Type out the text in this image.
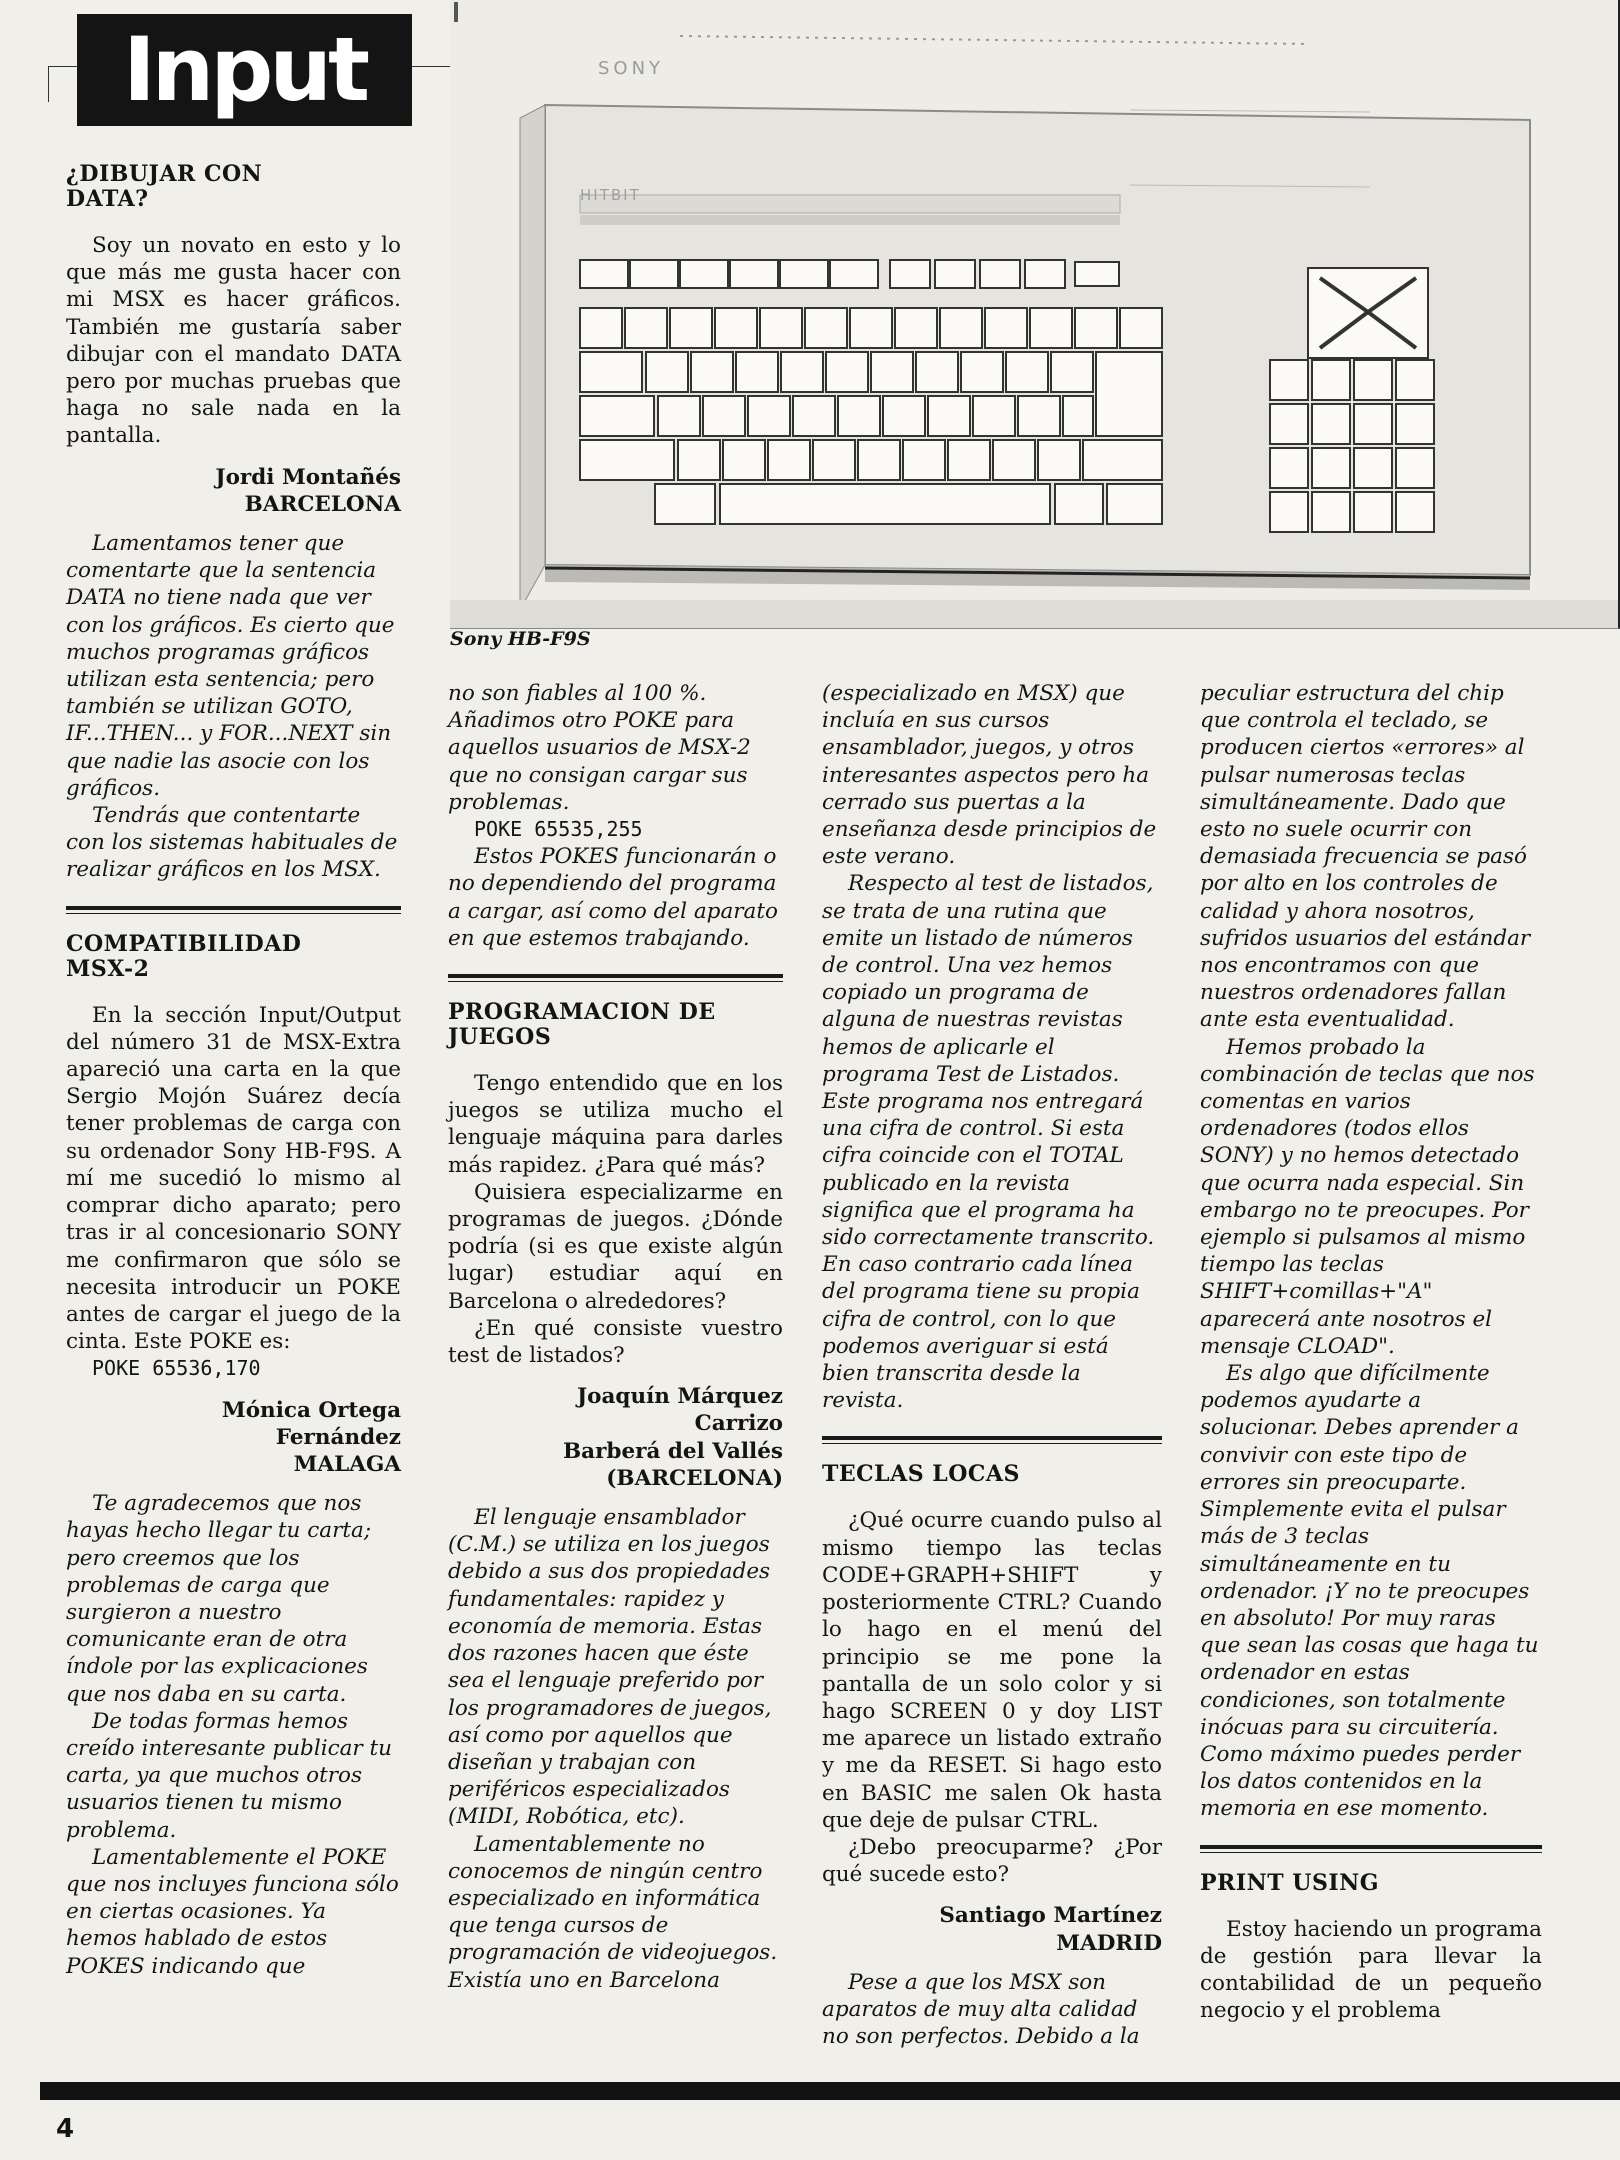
Input	SONY
HITBIT
Sony HB-F9S
¿DIBUJAR CON
DATA?

Soy un novato en esto y lo que más me gusta hacer con mi MSX es hacer gráficos. También me gustaría saber dibujar con el mandato DATA pero por muchas pruebas que haga no sale nada en la pantalla.

Jordi Montañés
BARCELONA

Lamentamos tener que comentarte que la sentencia DATA no tiene nada que ver con los gráficos. Es cierto que muchos programas gráficos utilizan esta sentencia; pero también se utilizan GOTO, IF...THEN... y FOR...NEXT sin que nadie las asocie con los gráficos.

Tendrás que contentarte con los sistemas habituales de realizar gráficos en los MSX.

COMPATIBILIDAD
MSX-2

En la sección Input/Output del número 31 de MSX-Extra apareció una carta en la que Sergio Mojón Suárez decía tener problemas de carga con su ordenador Sony HB-F9S. A mí me sucedió lo mismo al comprar dicho aparato; pero tras ir al concesionario SONY me confirmaron que sólo se necesita introducir un POKE antes de cargar el juego de la cinta. Este POKE es:

POKE 65536,170

Mónica Ortega
Fernández
MALAGA

Te agradecemos que nos hayas hecho llegar tu carta; pero creemos que los problemas de carga que surgieron a nuestro comunicante eran de otra índole por las explicaciones que nos daba en su carta.

De todas formas hemos creído interesante publicar tu carta, ya que muchos otros usuarios tienen tu mismo problema.

Lamentablemente el POKE que nos incluyes funciona sólo en ciertas ocasiones. Ya hemos hablado de estos POKES indicando que

no son fiables al 100 %. Añadimos otro POKE para aquellos usuarios de MSX-2 que no consigan cargar sus problemas.

POKE 65535,255

Estos POKES funcionarán o no dependiendo del programa a cargar, así como del aparato en que estemos trabajando.

PROGRAMACION DE
JUEGOS

Tengo entendido que en los juegos se utiliza mucho el lenguaje máquina para darles más rapidez. ¿Para qué más?

Quisiera especializarme en programas de juegos. ¿Dónde podría (si es que existe algún lugar) estudiar aquí en Barcelona o alrededores?

¿En qué consiste vuestro test de listados?

Joaquín Márquez
Carrizo
Barberá del Vallés
(BARCELONA)

El lenguaje ensamblador (C.M.) se utiliza en los juegos debido a sus dos propiedades fundamentales: rapidez y economía de memoria. Estas dos razones hacen que éste sea el lenguaje preferido por los programadores de juegos, así como por aquellos que diseñan y trabajan con periféricos especializados (MIDI, Robótica, etc).

Lamentablemente no conocemos de ningún centro especializado en informática que tenga cursos de programación de videojuegos. Existía uno en Barcelona

(especializado en MSX) que incluía en sus cursos ensamblador, juegos, y otros interesantes aspectos pero ha cerrado sus puertas a la enseñanza desde principios de este verano.

Respecto al test de listados, se trata de una rutina que emite un listado de números de control. Una vez hemos copiado un programa de alguna de nuestras revistas hemos de aplicarle el programa Test de Listados. Este programa nos entregará una cifra de control. Si esta cifra coincide con el TOTAL publicado en la revista significa que el programa ha sido correctamente transcrito. En caso contrario cada línea del programa tiene su propia cifra de control, con lo que podemos averiguar si está bien transcrita desde la revista.

TECLAS LOCAS

¿Qué ocurre cuando pulso al mismo tiempo las teclas CODE+GRAPH+SHIFT y posteriormente CTRL? Cuando lo hago en el menú del principio se me pone la pantalla de un solo color y si hago SCREEN 0 y doy LIST me aparece un listado extraño y me da RESET. Si hago esto en BASIC me salen Ok hasta que deje de pulsar CTRL.

¿Debo preocuparme? ¿Por qué sucede esto?

Santiago Martínez
MADRID

Pese a que los MSX son aparatos de muy alta calidad no son perfectos. Debido a la

peculiar estructura del chip que controla el teclado, se producen ciertos «errores» al pulsar numerosas teclas simultáneamente. Dado que esto no suele ocurrir con demasiada frecuencia se pasó por alto en los controles de calidad y ahora nosotros, sufridos usuarios del estándar nos encontramos con que nuestros ordenadores fallan ante esta eventualidad.

Hemos probado la combinación de teclas que nos comentas en varios ordenadores (todos ellos SONY) y no hemos detectado que ocurra nada especial. Sin embargo no te preocupes. Por ejemplo si pulsamos al mismo tiempo las teclas SHIFT+comillas+"A" aparecerá ante nosotros el mensaje CLOAD".

Es algo que difícilmente podemos ayudarte a solucionar. Debes aprender a convivir con este tipo de errores sin preocuparte. Simplemente evita el pulsar más de 3 teclas simultáneamente en tu ordenador. ¡Y no te preocupes en absoluto! Por muy raras que sean las cosas que haga tu ordenador en estas condiciones, son totalmente inócuas para su circuitería. Como máximo puedes perder los datos contenidos en la memoria en ese momento.

PRINT USING

Estoy haciendo un programa de gestión para llevar la contabilidad de un pequeño negocio y el problema

4
